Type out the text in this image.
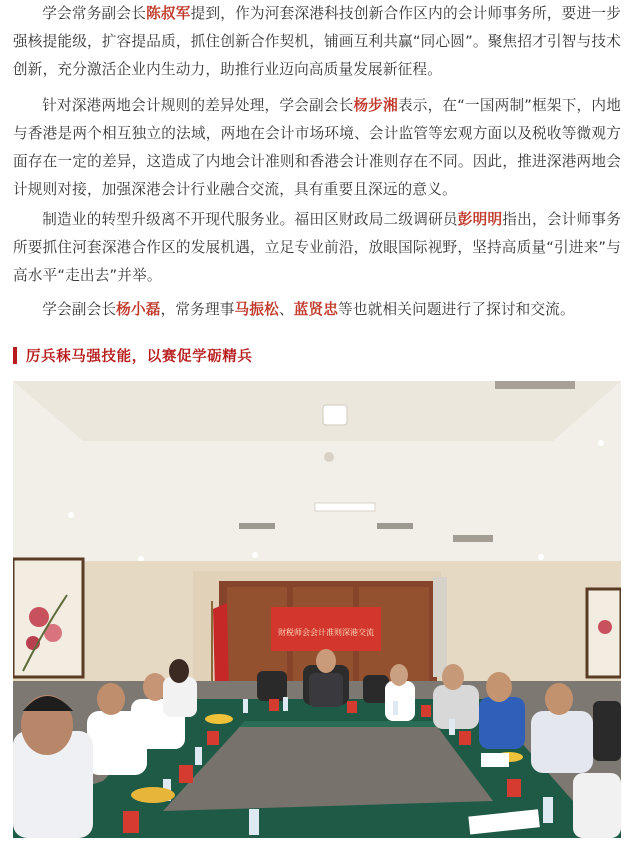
学会常务副会长陈叔军提到，作为河套深港科技创新合作区内的会计师事务所，要进一步强核提能级，扩容提品质，抓住创新合作契机，铺画互利共赢“同心圆”。聚焦招才引智与技术创新，充分激活企业内生动力，助推行业迈向高质量发展新征程。

针对深港两地会计规则的差异处理，学会副会长杨步湘表示，在“一国两制”框架下，内地与香港是两个相互独立的法域，两地在会计市场环境、会计监管等宏观方面以及税收等微观方面存在一定的差异，这造成了内地会计准则和香港会计准则存在不同。因此，推进深港两地会计规则对接，加强深港会计行业融合交流，具有重要且深远的意义。

制造业的转型升级离不开现代服务业。福田区财政局二级调研员彭明明指出，会计师事务所要抓住河套深港合作区的发展机遇，立足专业前沿，放眼国际视野，坚持高质量“引进来”与高水平“走出去”并举。

学会副会长杨小磊，常务理事马振松、蓝贤忠等也就相关问题进行了探讨和交流。

厉兵秣马强技能，以赛促学砺精兵
财税师会会计准则深港交流
